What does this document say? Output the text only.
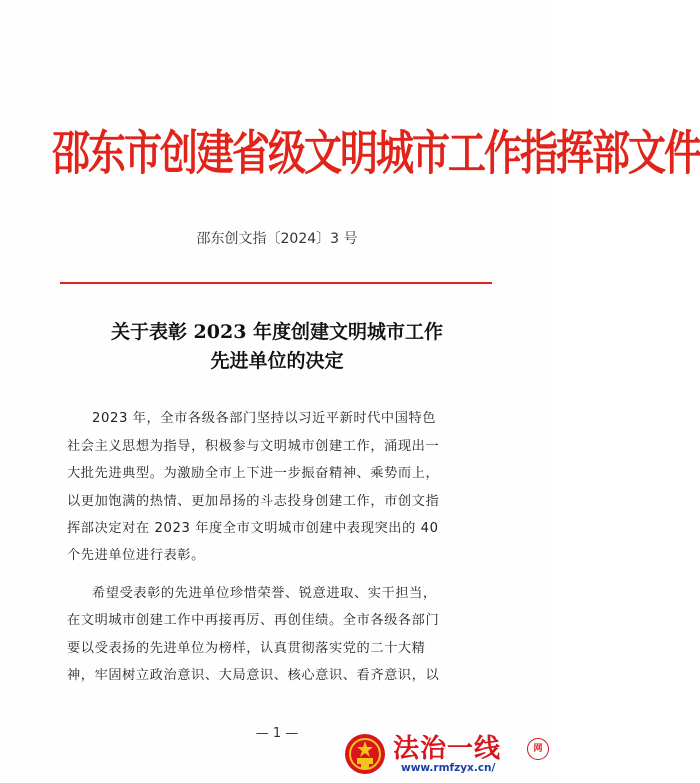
邵东市创建省级文明城市工作指挥部文件
邵东创文指〔2024〕3 号
关于表彰 2023 年度创建文明城市工作
先进单位的决定
2023 年，全市各级各部门坚持以习近平新时代中国特色
社会主义思想为指导，积极参与文明城市创建工作，涌现出一
大批先进典型。为激励全市上下进一步振奋精神、乘势而上，
以更加饱满的热情、更加昂扬的斗志投身创建工作，市创文指
挥部决定对在 2023 年度全市文明城市创建中表现突出的 40
个先进单位进行表彰。
希望受表彰的先进单位珍惜荣誉、锐意进取、实干担当，
在文明城市创建工作中再接再厉、再创佳绩。全市各级各部门
要以受表扬的先进单位为榜样，认真贯彻落实党的二十大精
神，牢固树立政治意识、大局意识、核心意识、看齐意识，以
— 1 —
法治一线	网
www.rmfzyx.cn/
